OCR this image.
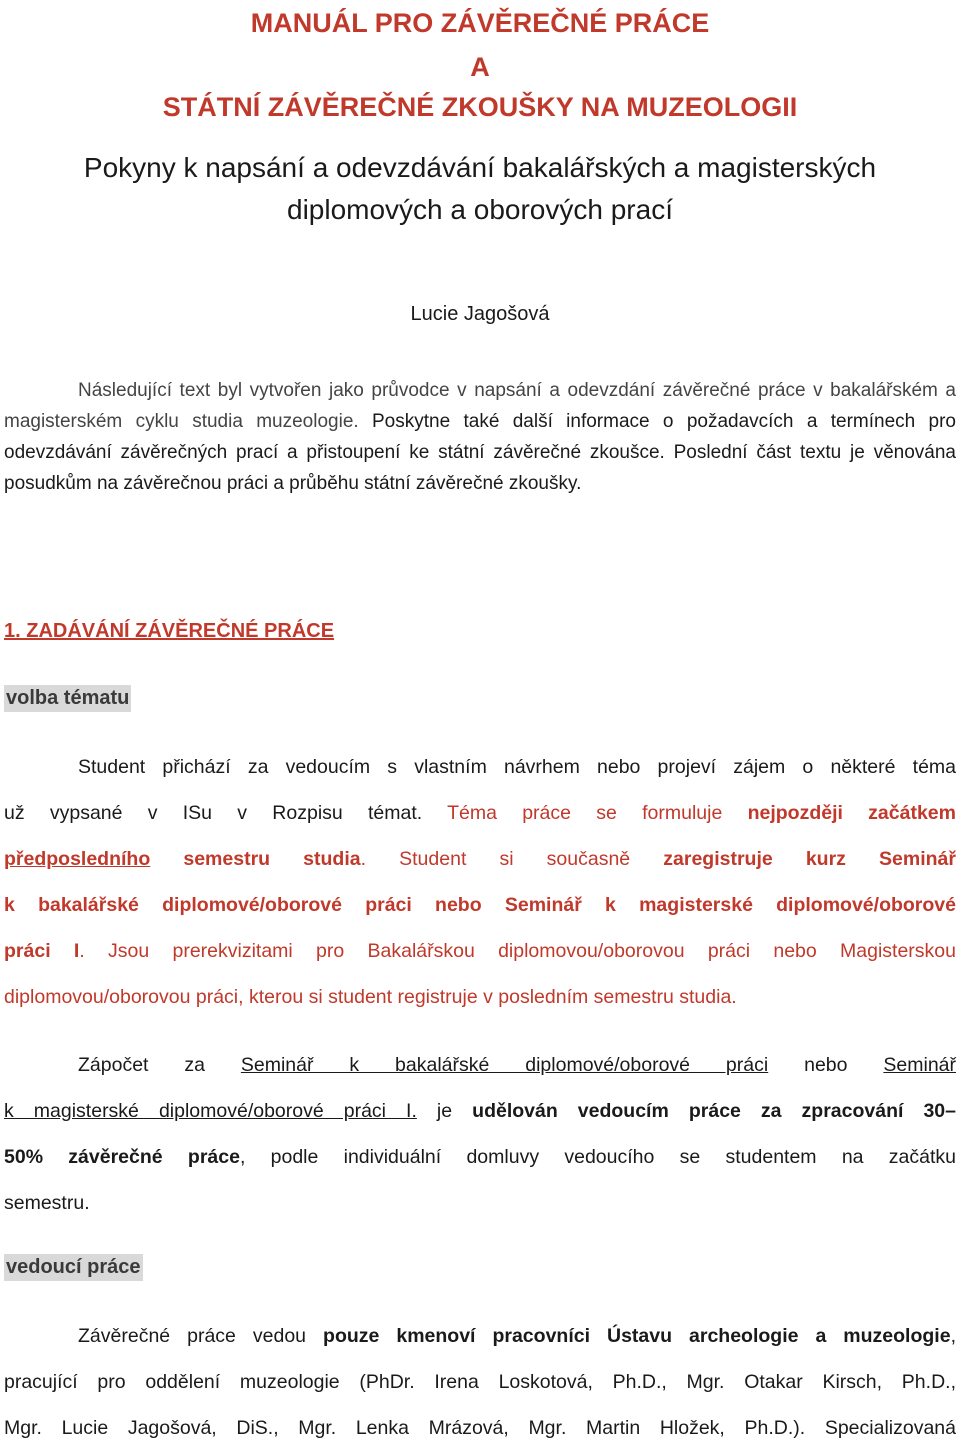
MANUÁL PRO ZÁVĚREČNÉ PRÁCE
A
STÁTNÍ ZÁVĚREČNÉ ZKOUŠKY NA MUZEOLOGII
Pokyny k napsání a odevzdávání bakalářských a magisterských
diplomových a oborových prací
Lucie Jagošová

Následující text byl vytvořen jako průvodce v napsání a odevzdání závěrečné práce v bakalářském a magisterském cyklu studia muzeologie. Poskytne také další informace o požadavcích a termínech pro odevzdávání závěrečných prací a přistoupení ke státní závěrečné zkoušce. Poslední část textu je věnována posudkům na závěrečnou práci a průběhu státní závěrečné zkoušky.

1. ZADÁVÁNÍ ZÁVĚREČNÉ PRÁCE
volba tématu
Student přichází za vedoucím s vlastním návrhem nebo projeví zájem o některé téma
už vypsané v ISu v Rozpisu témat. Téma práce se formuluje nejpozději začátkem
předposledního semestru studia. Student si současně zaregistruje kurz Seminář
k bakalářské diplomové/oborové práci nebo Seminář k magisterské diplomové/oborové
práci I. Jsou prerekvizitami pro Bakalářskou diplomovou/oborovou práci nebo Magisterskou
diplomovou/oborovou práci, kterou si student registruje v posledním semestru studia.
Zápočet za Seminář k bakalářské diplomové/oborové práci nebo Seminář
k magisterské diplomové/oborové práci I. je udělován vedoucím práce za zpracování 30–
50% závěrečné práce, podle individuální domluvy vedoucího se studentem na začátku
semestru.
vedoucí práce
Závěrečné práce vedou pouze kmenoví pracovníci Ústavu archeologie a muzeologie,
pracující pro oddělení muzeologie (PhDr. Irena Loskotová, Ph.D., Mgr. Otakar Kirsch, Ph.D.,
Mgr. Lucie Jagošová, DiS., Mgr. Lenka Mrázová, Mgr. Martin Hložek, Ph.D.). Specializovaná
